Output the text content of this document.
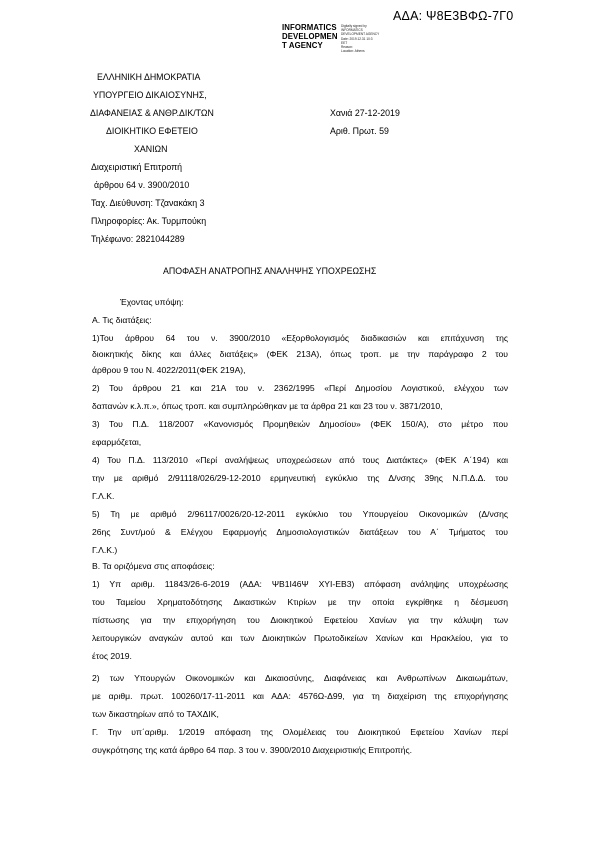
ΑΔΑ: Ψ8Ε3ΒΦΩ-7Γ0
INFORMATICS
DEVELOPMEN
T AGENCY
Digitally signed by
INFORMATICS
DEVELOPMENT AGENCY
Date: 2019.12.31 10:3
EET
Reason:
Location: Athens
ΕΛΛΗΝΙΚΗ ΔΗΜΟΚΡΑΤΙΑ
ΥΠΟΥΡΓΕΙΟ ΔΙΚΑΙΟΣΥΝΗΣ,
ΔΙΑΦΑΝΕΙΑΣ & ΑΝΘΡ.ΔΙΚ/ΤΩΝ
ΔΙΟΙΚΗΤΙΚΟ ΕΦΕΤΕΙΟ
ΧΑΝΙΩΝ
Διαχειριστική Επιτροπή
άρθρου 64 ν. 3900/2010
Ταχ. Διεύθυνση: Τζανακάκη 3
Πληροφορίες: Ακ. Τυρμπούκη
Τηλέφωνο: 2821044289
Χανιά 27-12-2019
Αριθ. Πρωτ. 59
ΑΠΟΦΑΣΗ ΑΝΑΤΡΟΠΗΣ ΑΝΑΛΗΨΗΣ ΥΠΟΧΡΕΩΣΗΣ
Έχοντας υπόψη:
Α. Τις διατάξεις:
1)Του άρθρου 64 του ν. 3900/2010 «Εξορθολογισμός διαδικασιών και επιτάχυνση της
διοικητικής δίκης και άλλες διατάξεις» (ΦΕΚ 213Α), όπως τροπ. με την παράγραφο 2 του
άρθρου 9 του Ν. 4022/2011(ΦΕΚ 219Α),
2) Του άρθρου 21 και 21Α του ν. 2362/1995 «Περί Δημοσίου Λογιστικού, ελέγχου των
δαπανών κ.λ.π.», όπως τροπ. και συμπληρώθηκαν με τα άρθρα 21 και 23 του ν. 3871/2010,
3) Του Π.Δ. 118/2007 «Κανονισμός Προμηθειών Δημοσίου» (ΦΕΚ 150/Α), στο μέτρο που
εφαρμόζεται,
4) Του Π.Δ. 113/2010 «Περί αναλήψεως υποχρεώσεων από τους Διατάκτες» (ΦΕΚ Α΄194) και
την με αριθμό 2/91118/026/29-12-2010 ερμηνευτική εγκύκλιο της Δ/νσης 39ης Ν.Π.Δ.Δ. του
Γ.Λ.Κ.
5) Τη με αριθμό 2/96117/0026/20-12-2011 εγκύκλιο του Υπουργείου Οικονομικών (Δ/νσης
26ης Συντ/μού & Ελέγχου Εφαρμογής Δημοσιολογιστικών διατάξεων του Α΄ Τμήματος του
Γ.Λ.Κ.)
Β. Τα οριζόμενα στις αποφάσεις:
1) Υπ αριθμ. 11843/26-6-2019 (ΑΔΑ: ΨΒ1Ι46Ψ ΧΥΙ-ΕΒ3) απόφαση ανάληψης υποχρέωσης
του Ταμείου Χρηματοδότησης Δικαστικών Κτιρίων με την οποία εγκρίθηκε η δέσμευση
πίστωσης για την επιχορήγηση του Διοικητικού Εφετείου Χανίων για την κάλυψη των
λειτουργικών αναγκών αυτού και των Διοικητικών Πρωτοδικείων Χανίων και Ηρακλείου, για το
έτος 2019.
2) των Υπουργών Οικονομικών και Δικαιοσύνης, Διαφάνειας και Ανθρωπίνων Δικαιωμάτων,
με αριθμ. πρωτ. 100260/17-11-2011 και ΑΔΑ: 4576Ω-Δ99, για τη διαχείριση της επιχορήγησης
των δικαστηρίων από το ΤΑΧΔΙΚ,
Γ. Την υπ΄αριθμ. 1/2019 απόφαση της Ολομέλειας του Διοικητικού Εφετείου Χανίων περί
συγκρότησης της κατά άρθρο 64 παρ. 3 του ν. 3900/2010 Διαχειριστικής Επιτροπής.
